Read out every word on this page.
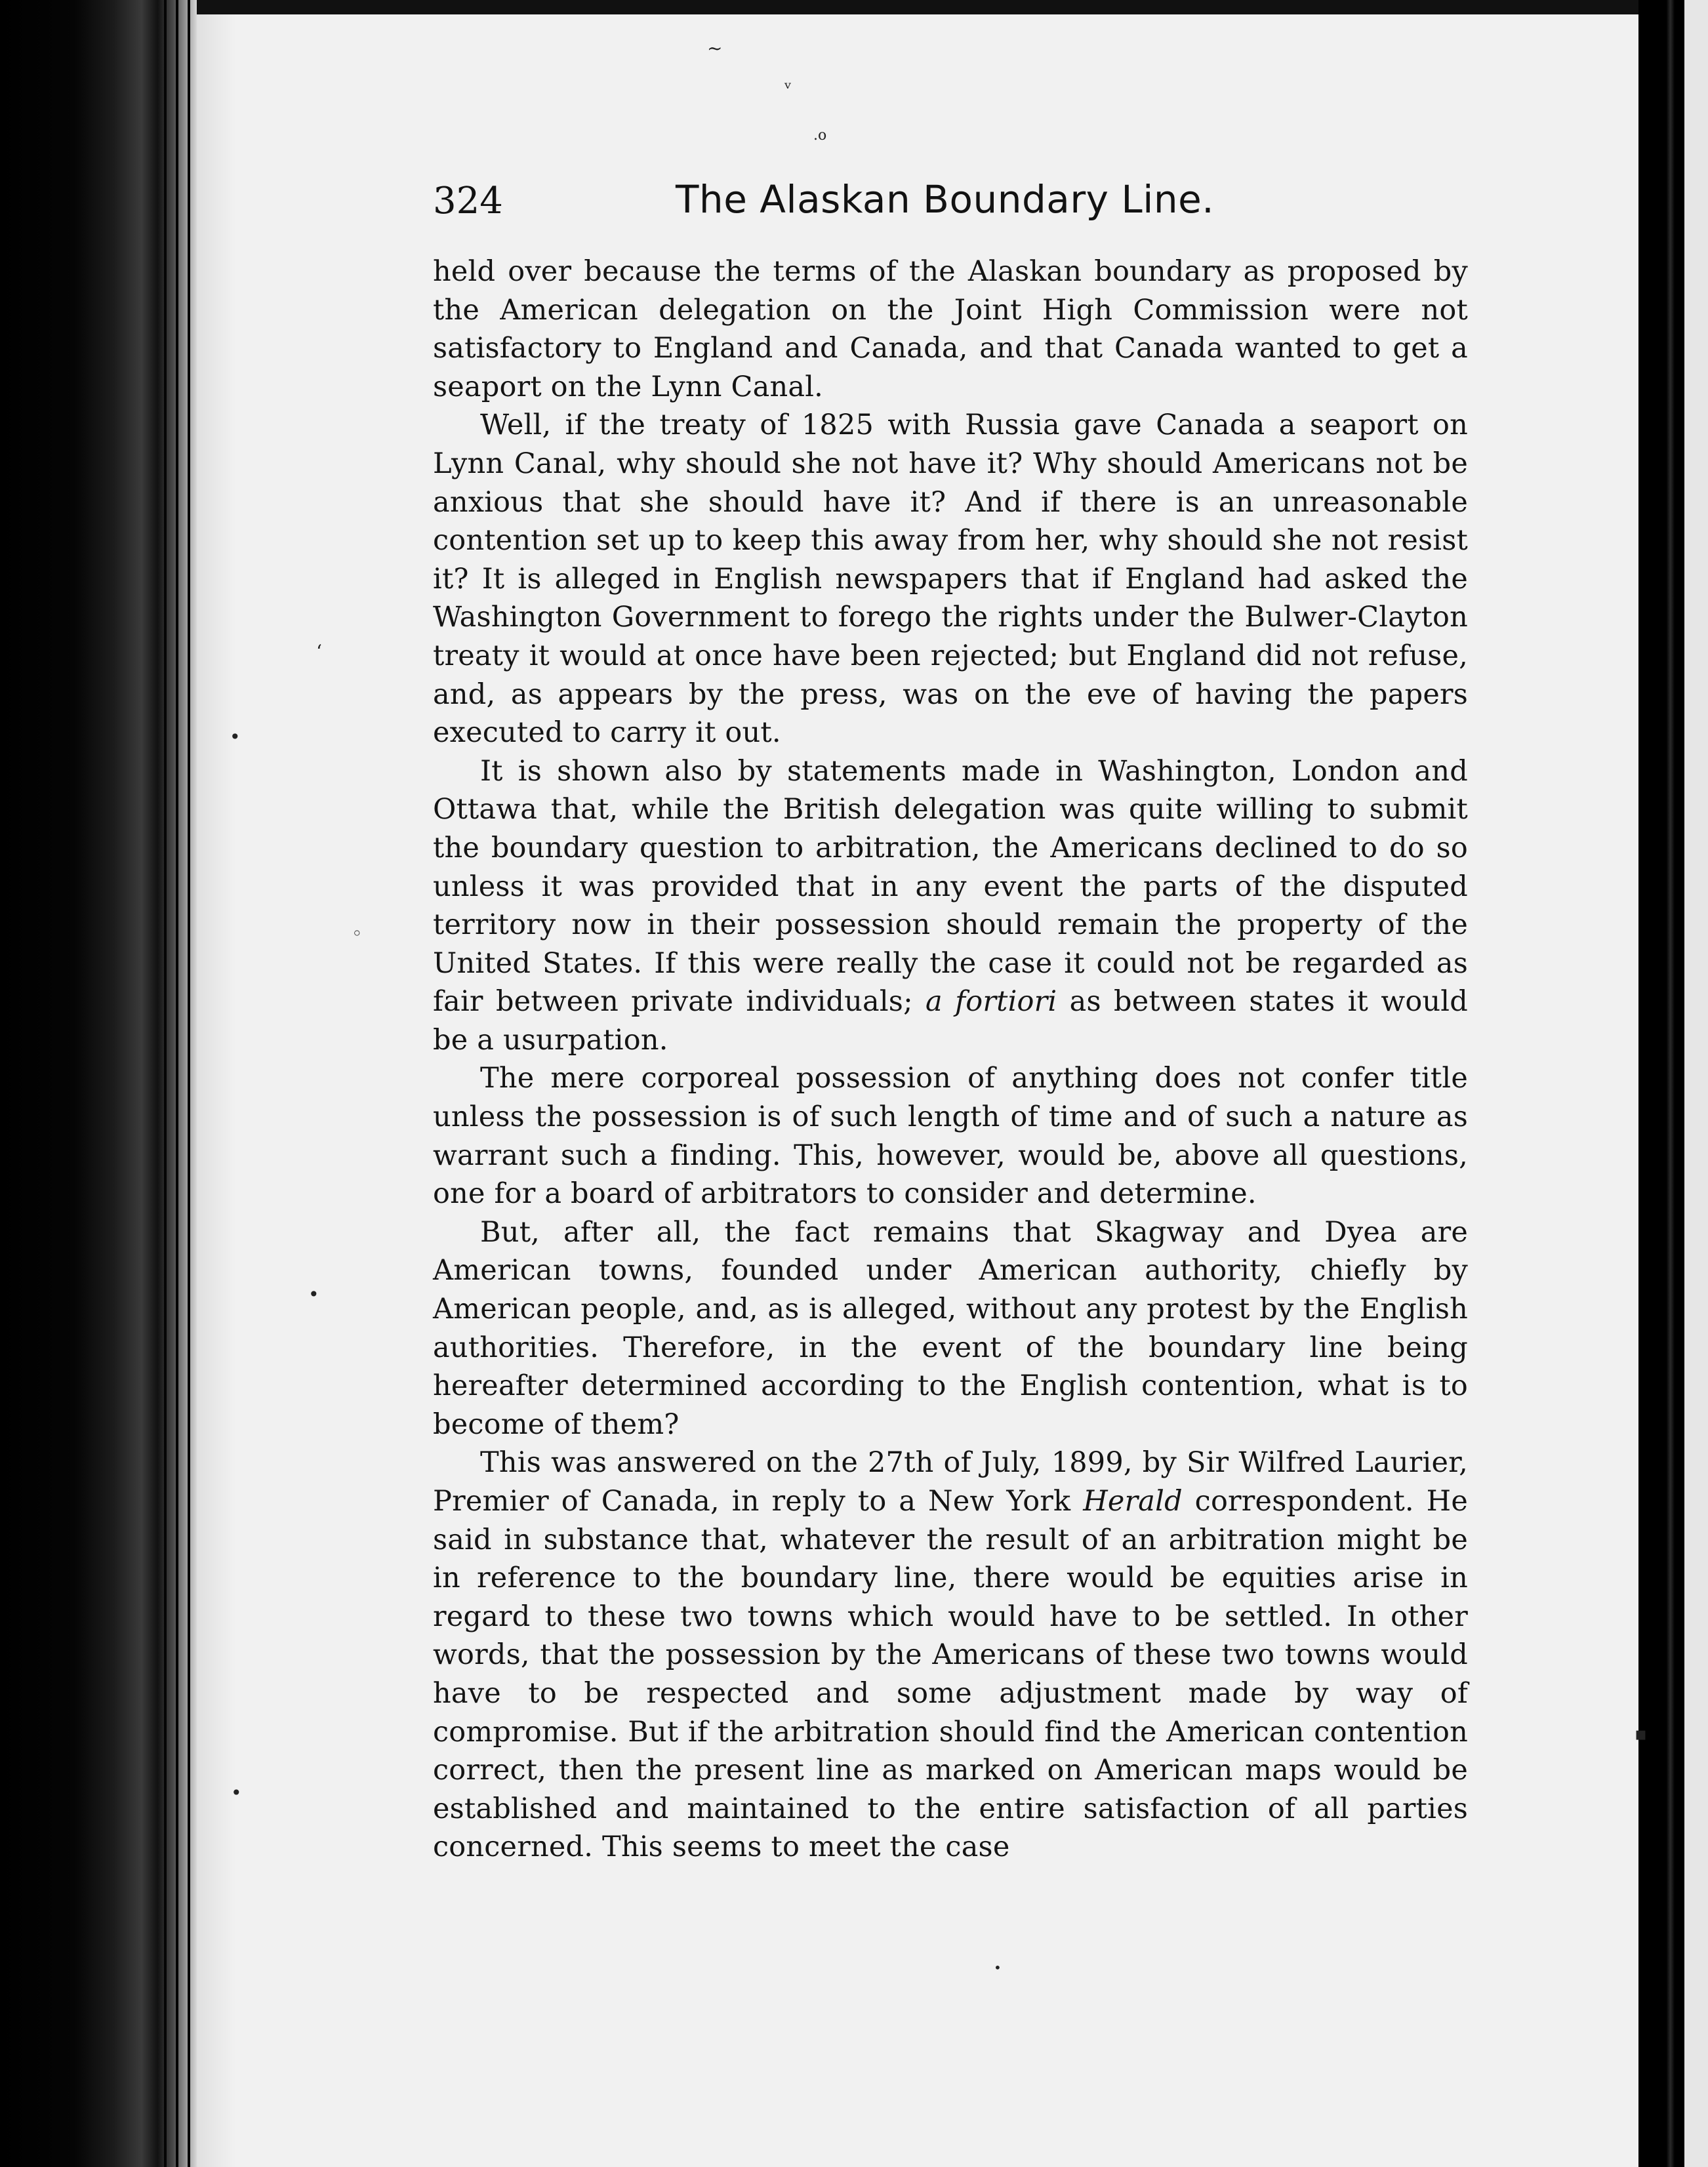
~
ᵥ
.o
‘
•
◦
•
▪
•
•
324	The Alaskan Boundary Line.

held over because the terms of the Alaskan boundary as proposed by the American delegation on the Joint High Commission were not satisfactory to England and Canada, and that Canada wanted to get a seaport on the Lynn Canal.

Well, if the treaty of 1825 with Russia gave Canada a seaport on Lynn Canal, why should she not have it? Why should Americans not be anxious that she should have it? And if there is an unreasonable contention set up to keep this away from her, why should she not resist it? It is alleged in English newspapers that if England had asked the Washington Government to forego the rights under the Bulwer-Clayton treaty it would at once have been rejected; but England did not refuse, and, as appears by the press, was on the eve of having the papers executed to carry it out.

It is shown also by statements made in Washington, London and Ottawa that, while the British delegation was quite willing to submit the boundary question to arbitration, the Americans declined to do so unless it was provided that in any event the parts of the disputed territory now in their possession should remain the property of the United States. If this were really the case it could not be regarded as fair between private individuals; a fortiori as between states it would be a usurpation.

The mere corporeal possession of anything does not confer title unless the possession is of such length of time and of such a nature as warrant such a finding. This, however, would be, above all questions, one for a board of arbitrators to consider and determine.

But, after all, the fact remains that Skagway and Dyea are American towns, founded under American authority, chiefly by American people, and, as is alleged, without any protest by the English authorities. Therefore, in the event of the boundary line being hereafter determined according to the English contention, what is to become of them?

This was answered on the 27th of July, 1899, by Sir Wilfred Laurier, Premier of Canada, in reply to a New York Herald correspondent. He said in substance that, whatever the result of an arbitration might be in reference to the boundary line, there would be equities arise in regard to these two towns which would have to be settled. In other words, that the possession by the Americans of these two towns would have to be respected and some adjustment made by way of compromise. But if the arbitration should find the American contention correct, then the present line as marked on American maps would be established and maintained to the entire satisfaction of all parties concerned. This seems to meet the case
